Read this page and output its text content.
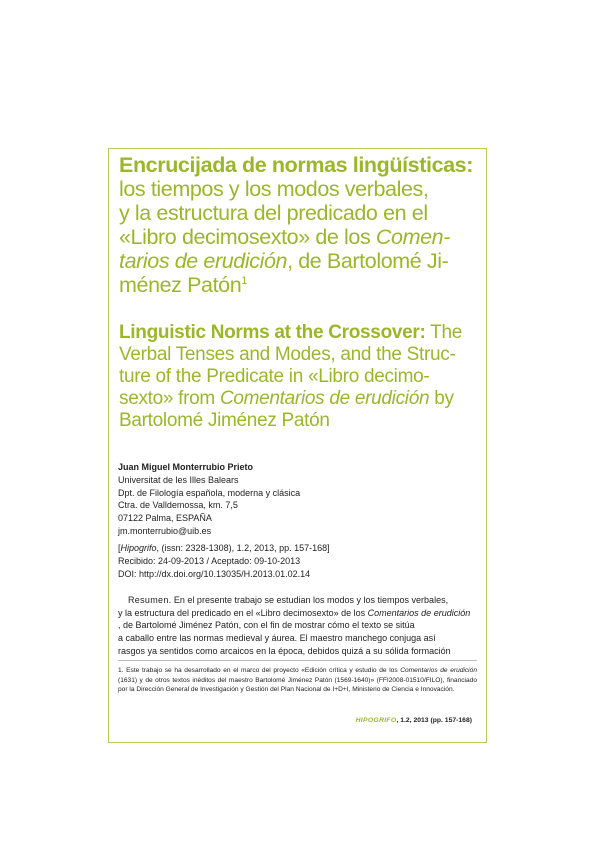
Encrucijada de normas lingüísticas:
los tiempos y los modos verbales,
y la estructura del predicado en el
«Libro decimosexto» de los Comen-
tarios de erudición, de Bartolomé Ji-
ménez Patón$^1$
Linguistic Norms at the Crossover: The
Verbal Tenses and Modes, and the Struc-
ture of the Predicate in «Libro decimo-
sexto» from Comentarios de erudición by
Bartolomé Jiménez Patón
Juan Miguel Monterrubio Prieto
Universitat de les Illes Balears
Dpt. de Filología española, moderna y clásica
Ctra. de Valldemossa, km. 7,5
07122 Palma, ESPAÑA
jm.monterrubio@uib.es
[Hipogrifo, (issn: 2328-1308), 1.2, 2013, pp. 157-168]
Recibido: 24-09-2013 / Aceptado: 09-10-2013
DOI: http://dx.doi.org/10.13035/H.2013.01.02.14
Resumen. En el presente trabajo se estudian los modos y los tiempos verbales,
y la estructura del predicado en el «Libro decimosexto» de los Comentarios de erudición
, de Bartolomé Jiménez Patón, con el fin de mostrar cómo el texto se sitúa
a caballo entre las normas medieval y áurea. El maestro manchego conjuga así
rasgos ya sentidos como arcaicos en la época, debidos quizá a su sólida formación
1. Este trabajo se ha desarrollado en el marco del proyecto «Edición crítica y estudio de los Comentarios de erudición (1631) y de otros textos inéditos del maestro Bartolomé Jiménez Patón (1569-1640)» (FFI2008-01510/FILO), financiado por la Dirección General de Investigación y Gestión del Plan Nacional de I+D+I, Ministerio de Ciencia e Innovación.
HIPOGRIFO, 1.2, 2013 (pp. 157-168)
